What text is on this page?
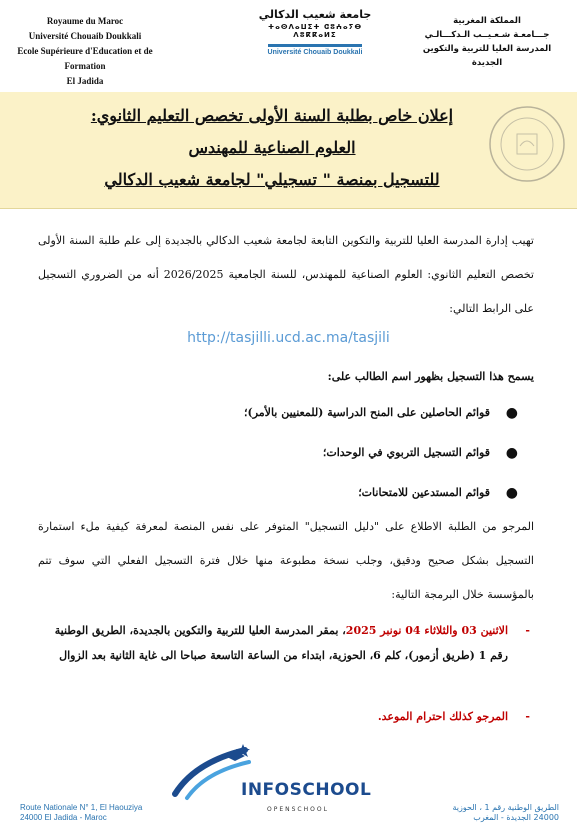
Royaume du Maroc
Université Chouaib Doukkali
Ecole Supérieure d'Education et de Formation
El Jadida
جامعة شعيب الدكالي
ⵜⴰⵙⴷⴰⵡⵉⵜ ⵛⵓⵄⴰⵢⴱ ⴷⵓⴽⴽⴰⵍⵉ
Université Chouaib Doukkali
المملكة المغربية
جـــامعـة شـعـيــب الـدكـــالـي
المدرسة العليا للتربية والتكوين
الجديدة
إعلان خاص بطلبة السنة الأولى تخصص التعليم الثانوي:
العلوم الصناعية للمهندس
للتسجيل بمنصة " تسجيلي" لجامعة شعيب الدكالي
تهيب إدارة المدرسة العليا للتربية والتكوين التابعة لجامعة شعيب الدكالي بالجديدة إلى علم طلبة السنة الأولى تخصص التعليم الثانوي: العلوم الصناعية للمهندس، للسنة الجامعية 2026/2025 أنه من الضروري التسجيل على الرابط التالي:
http://tasjilli.ucd.ac.ma/tasjili
يسمح هذا التسجيل بظهور اسم الطالب على:
●
قوائم الحاصلين على المنح الدراسية (للمعنيين بالأمر)؛
●
قوائم التسجيل التربوي في الوحدات؛
●
قوائم المستدعين للامتحانات؛
المرجو من الطلبة الاطلاع على "دليل التسجيل" المتوفر على نفس المنصة لمعرفة كيفية ملء استمارة التسجيل بشكل صحيح ودقيق، وجلب نسخة مطبوعة منها خلال فترة التسجيل الفعلي التي سوف تتم بالمؤسسة خلال البرمجة التالية:
-
الاثنين 03 والثلاثاء 04 نونبر 2025، بمقر المدرسة العليا للتربية والتكوين بالجديدة، الطريق الوطنية رقم 1 (طريق أزمور)، كلم 6، الحوزية، ابتداء من الساعة التاسعة صباحا الى غاية الثانية بعد الزوال
-
المرجو كذلك احترام الموعد.
INFOSCHOOL
OPENSCHOOL
Route Nationale N° 1, El Haouziya
24000 El Jadida - Maroc
الطريق الوطنية رقم 1 ، الحوزية
24000 الجديدة - المغرب
